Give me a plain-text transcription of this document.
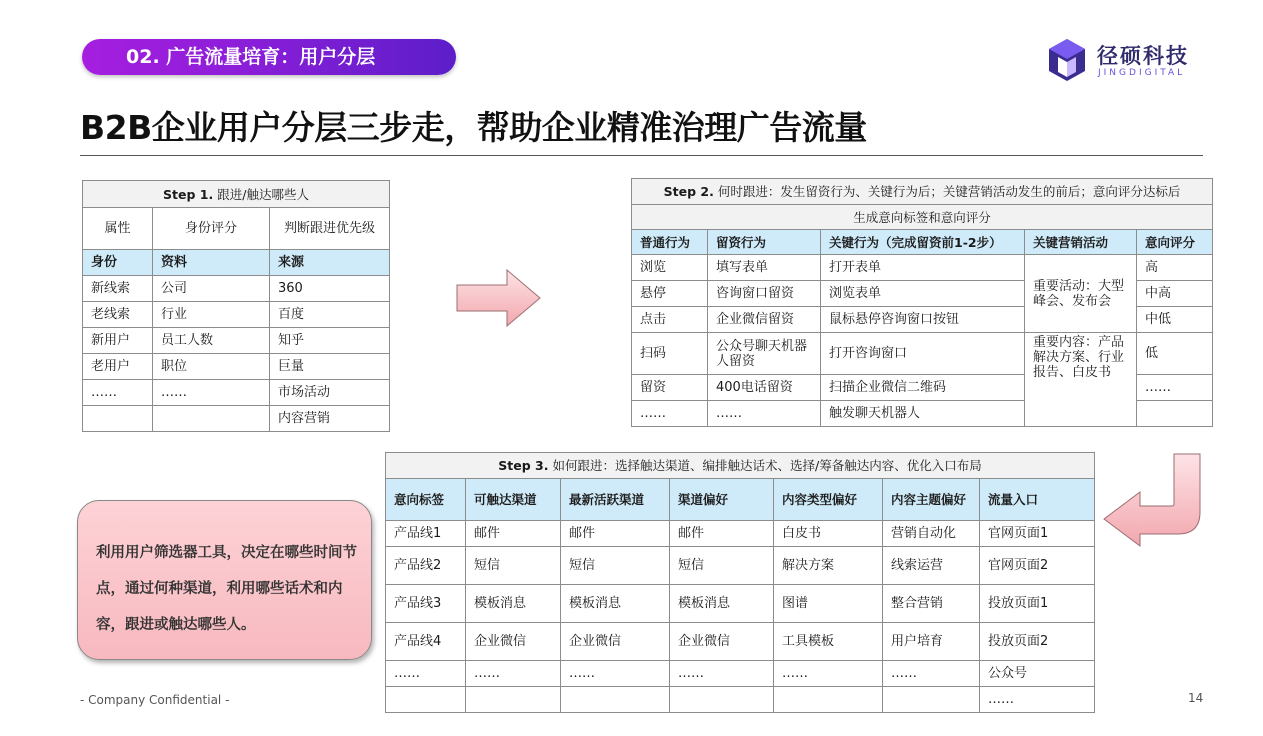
02. 广告流量培育：用户分层	径硕科技
JINGDIGITAL
B2B企业用户分层三步走，帮助企业精准治理广告流量
Step 1. 跟进/触达哪些人		
属性	身份评分	判断跟进优先级
身份	资料	来源
新线索	公司	360
老线索	行业	百度
新用户	员工人数	知乎
老用户	职位	巨量
……	……	市场活动
		内容营销
Step 2. 何时跟进：发生留资行为、关键行为后；关键营销活动发生的前后；意向评分达标后				
生成意向标签和意向评分				
普通行为	留资行为	关键行为（完成留资前1-2步）	关键营销活动	意向评分
浏览	填写表单	打开表单	重要活动：大型峰会、发布会	高
悬停	咨询窗口留资	浏览表单		中高
点击	企业微信留资	鼠标悬停咨询窗口按钮		中低
扫码	公众号聊天机器人留资	打开咨询窗口	重要内容：产品解决方案、行业报告、白皮书	低
留资	400电话留资	扫描企业微信二维码		……
……	……	触发聊天机器人		
Step 3. 如何跟进：选择触达渠道、编排触达话术、选择/筹备触达内容、优化入口布局						
意向标签	可触达渠道	最新活跃渠道	渠道偏好	内容类型偏好	内容主题偏好	流量入口
产品线1	邮件	邮件	邮件	白皮书	营销自动化	官网页面1
产品线2	短信	短信	短信	解决方案	线索运营	官网页面2
产品线3	模板消息	模板消息	模板消息	图谱	整合营销	投放页面1
产品线4	企业微信	企业微信	企业微信	工具模板	用户培育	投放页面2
……	……	……	……	……	……	公众号
						……
利用用户筛选器工具，决定在哪些时间节点，通过何种渠道，利用哪些话术和内容，跟进或触达哪些人。
- Company Confidential -	14
